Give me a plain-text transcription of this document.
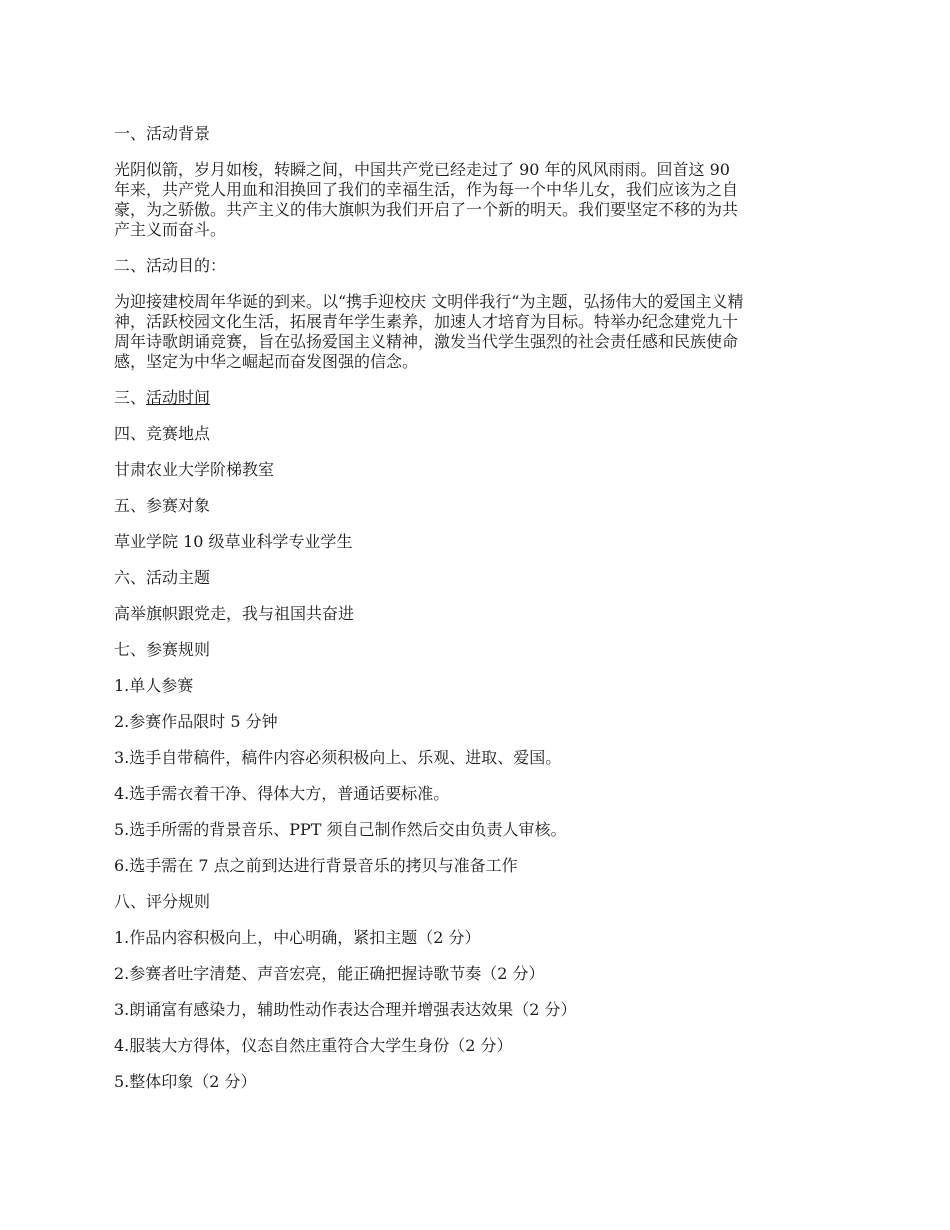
一、活动背景

光阴似箭，岁月如梭，转瞬之间，中国共产党已经走过了 90 年的风风雨雨。回首这 90
年来，共产党人用血和泪换回了我们的幸福生活，作为每一个中华儿女，我们应该为之自
豪，为之骄傲。共产主义的伟大旗帜为我们开启了一个新的明天。我们要坚定不移的为共
产主义而奋斗。

二、活动目的：

为迎接建校周年华诞的到来。以“携手迎校庆 文明伴我行“为主题，弘扬伟大的爱国主义精
神，活跃校园文化生活，拓展青年学生素养，加速人才培育为目标。特举办纪念建党九十
周年诗歌朗诵竞赛，旨在弘扬爱国主义精神，激发当代学生强烈的社会责任感和民族使命
感，坚定为中华之崛起而奋发图强的信念。

三、活动时间

四、竞赛地点

甘肃农业大学阶梯教室

五、参赛对象

草业学院 10 级草业科学专业学生

六、活动主题

高举旗帜跟党走，我与祖国共奋进

七、参赛规则

1.单人参赛

2.参赛作品限时 5 分钟

3.选手自带稿件，稿件内容必须积极向上、乐观、进取、爱国。

4.选手需衣着干净、得体大方，普通话要标准。

5.选手所需的背景音乐、PPT 须自己制作然后交由负责人审核。

6.选手需在 7 点之前到达进行背景音乐的拷贝与准备工作

八、评分规则

1.作品内容积极向上，中心明确，紧扣主题（2 分）

2.参赛者吐字清楚、声音宏亮，能正确把握诗歌节奏（2 分）

3.朗诵富有感染力，辅助性动作表达合理并增强表达效果（2 分）

4.服装大方得体，仪态自然庄重符合大学生身份（2 分）

5.整体印象（2 分）
